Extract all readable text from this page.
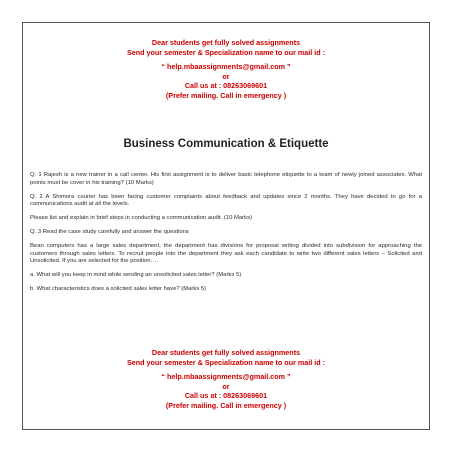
Dear students get fully solved assignments
Send your semester & Specialization name to our mail id :
“ help.mbaassignments@gmail.com ”
or
Call us at : 08263069601
(Prefer mailing. Call in emergency )
Business Communication & Etiquette

Q. 1 Rajesh is a new trainer in a call center. His first assignment is to deliver basic telephone etiquette to a team of newly joined associates. What points must be cover in his training? (10 Marks)

Q. 2 A Shimora courier has been facing customer complaints about feedback and updates since 2 months. They have decided to go for a communications audit at all the levels.

Please list and explain in brief steps in conducting a communication audit. (10 Marks)

Q. 3 Read the case study carefully and answer the questions

Bean computers has a large sales department, the department has divisions for proposal writing divided into subdivision for approaching the customers through sales letters. To recruit people into the department they ask each candidate to write two different sales letters – Solicited and Unsolicited. If you are selected for the position….

a. What will you keep in mind while sending an unsolicited sales letter? (Marks 5)

b. What characteristics does a solicited sales letter have? (Marks 5)

Dear students get fully solved assignments
Send your semester & Specialization name to our mail id :
“ help.mbaassignments@gmail.com ”
or
Call us at : 08263069601
(Prefer mailing. Call in emergency )
